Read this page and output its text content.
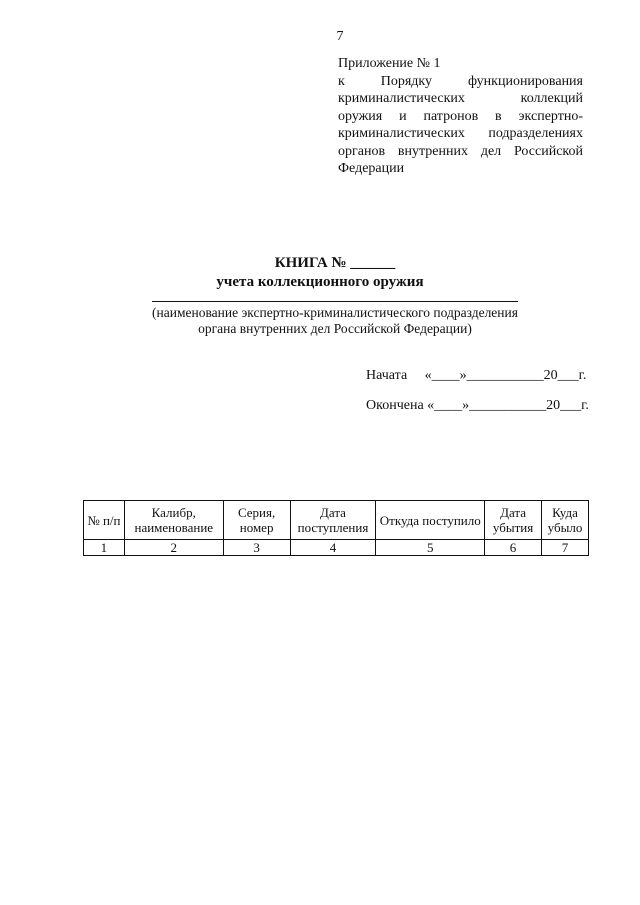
7
Приложение № 1
к Порядку функционирования
криминалистических коллекций
оружия и патронов в экспертно-
криминалистических подразделениях
органов внутренних дел Российской
Федерации
КНИГА № ______
учета коллекционного оружия
(наименование экспертно-криминалистического подразделения
органа внутренних дел Российской Федерации)
Начата     «____»___________20___г.
Окончена «____»___________20___г.
№ п/п	Калибр, наименование	Серия, номер	Дата поступления	Откуда поступило	Дата убытия	Куда убыло
1	2	3	4	5	6	7
